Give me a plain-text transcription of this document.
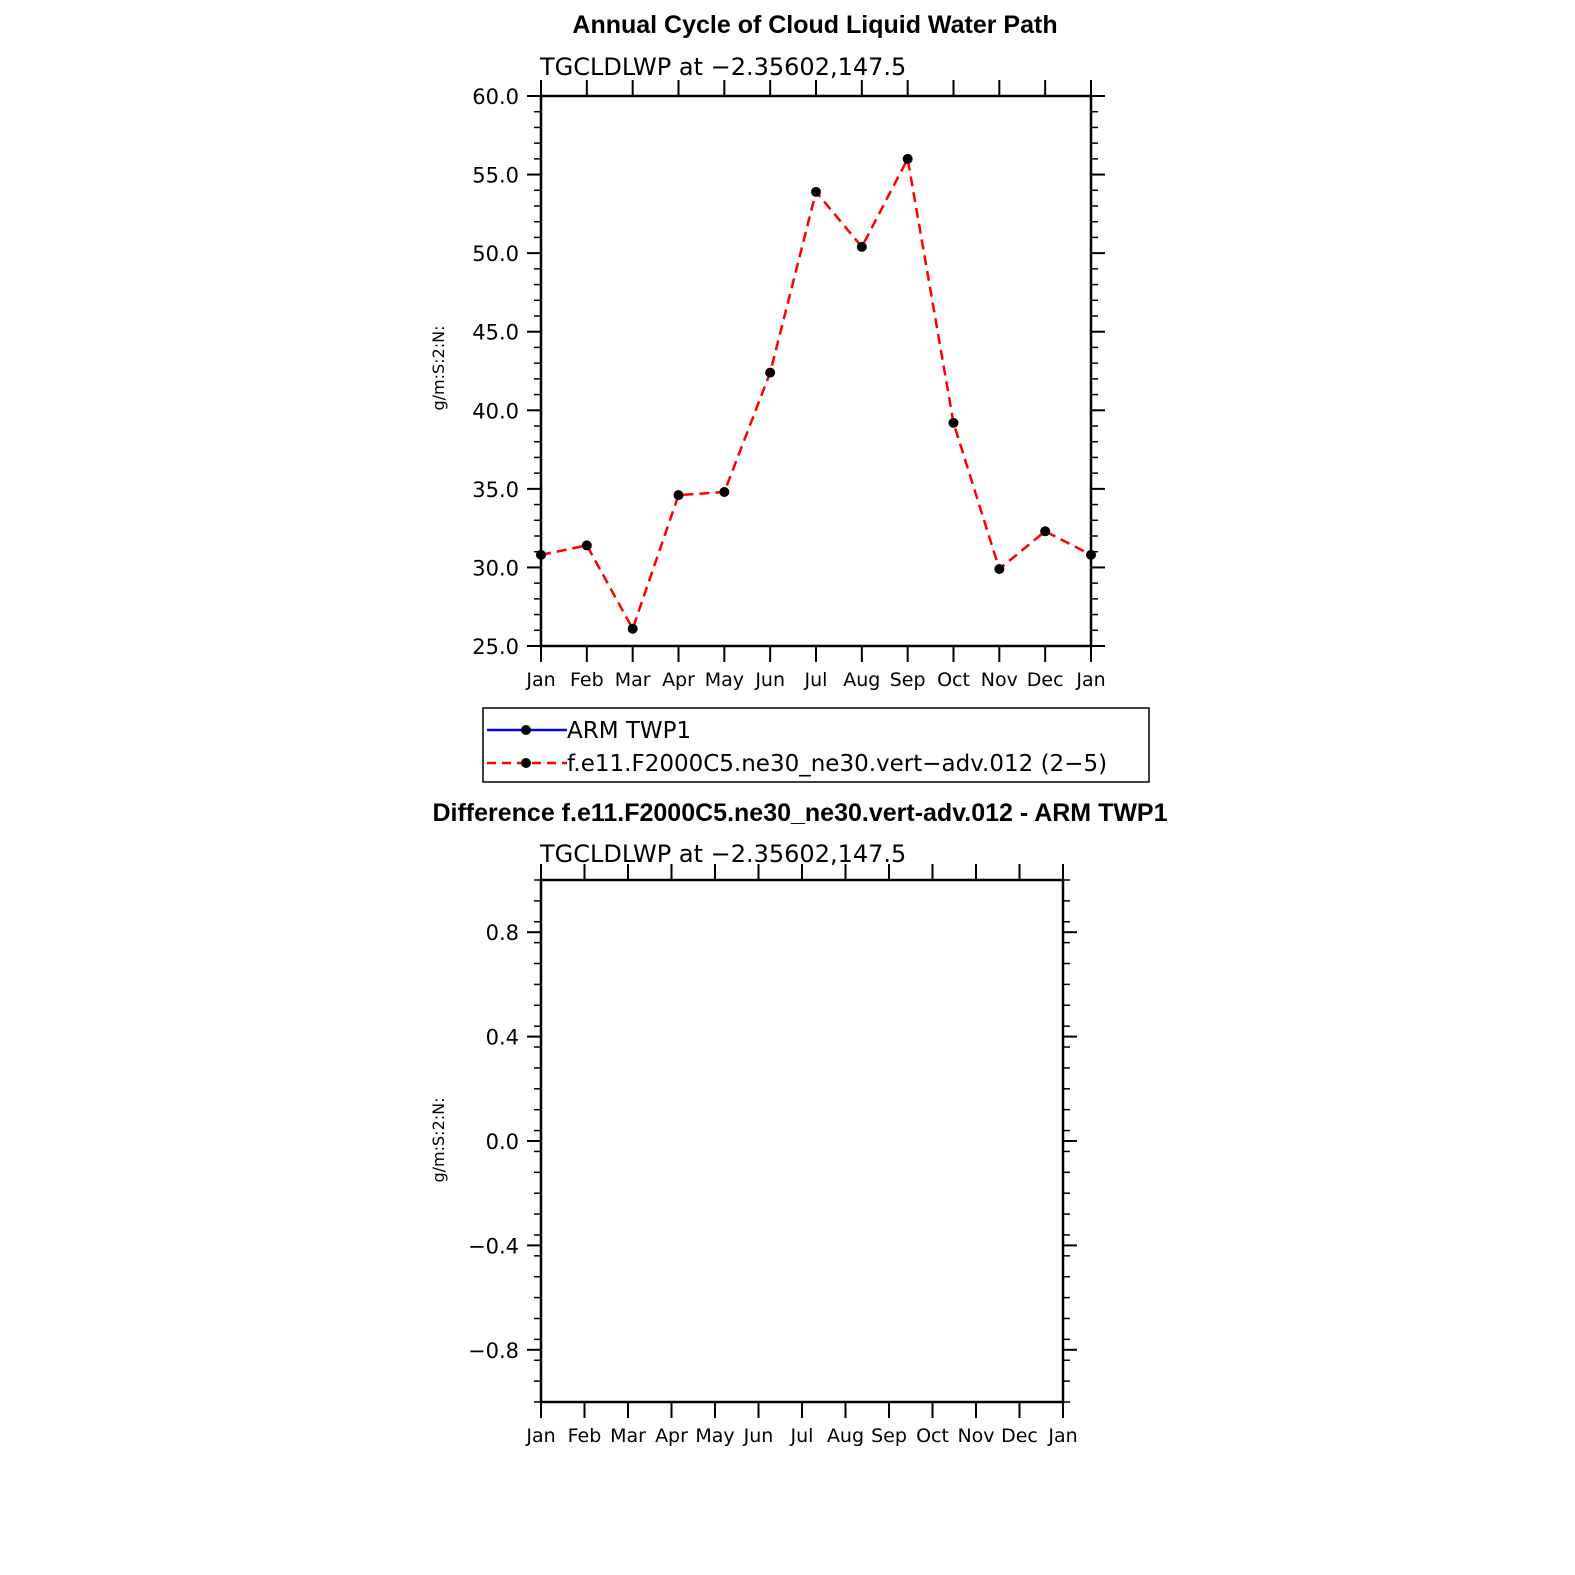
Annual Cycle of Cloud Liquid Water Path
TGCLDLWP at −2.35602,147.5
g/m:S:2:N:
25.0
30.0
35.0
40.0
45.0
50.0
55.0
60.0
Jan Feb Mar Apr May Jun Jul Aug Sep Oct Nov Dec Jan
ARM TWP1
f.e11.F2000C5.ne30_ne30.vert−adv.012 (2−5)
Difference f.e11.F2000C5.ne30_ne30.vert-adv.012 - ARM TWP1
TGCLDLWP at −2.35602,147.5
g/m:S:2:N:
0.8
0.4
0.0
−0.4
−0.8
Jan Feb Mar Apr May Jun Jul Aug Sep Oct Nov Dec Jan
